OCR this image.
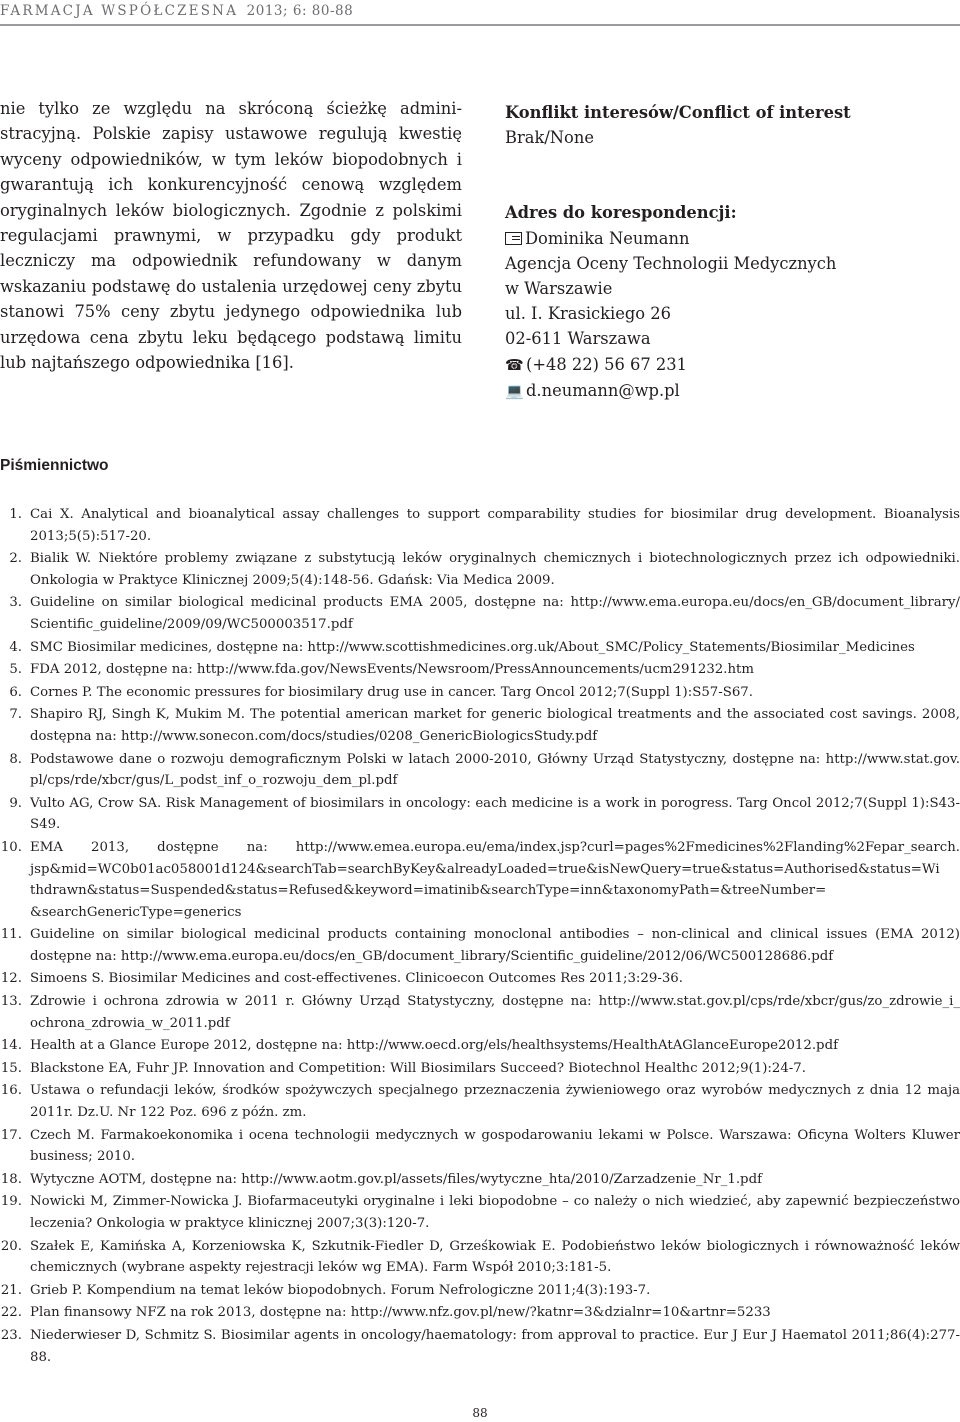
FARMACJA WSPÓŁCZESNA 2013; 6: 80-88

nie tylko ze względu na skróconą ścieżkę admini-stracyjną. Polskie zapisy ustawowe regulują kwestię wyceny odpowiedników, w tym leków biopodobnych i gwarantują ich konkurencyjność cenową względem oryginalnych leków biologicznych. Zgodnie z polskimi regulacjami prawnymi, w przypadku gdy produkt leczniczy ma odpowiednik refundowany w danym wskazaniu podstawę do ustalenia urzędowej ceny zbytu stanowi 75% ceny zbytu jedynego odpowiednika lub urzędowa cena zbytu leku będącego podstawą limitu lub najtańszego odpowiednika [16].

Konflikt interesów/Conflict of interest
Brak/None
Adres do korespondencji:
Dominika Neumann
Agencja Oceny Technologii Medycznych
w Warszawie
ul. I. Krasickiego 26
02-611 Warszawa
☎ (+48 22) 56 67 231
💻 d.neumann@wp.pl
Piśmiennictwo
1. Cai X. Analytical and bioanalytical assay challenges to support comparability studies for biosimilar drug development. Bioanalysis 2013;5(5):517-20.
2. Bialik W. Niektóre problemy związane z substytucją leków oryginalnych chemicznych i biotechnologicznych przez ich odpowiedniki. Onkologia w Praktyce Klinicznej 2009;5(4):148-56. Gdańsk: Via Medica 2009.
3. Guideline on similar biological medicinal products EMA 2005, dostępne na: http://www.ema.europa.eu/docs/en_GB/document_library/ Scientific_guideline/2009/09/WC500003517.pdf
4. SMC Biosimilar medicines, dostępne na: http://www.scottishmedicines.org.uk/About_SMC/Policy_Statements/Biosimilar_Medicines
5. FDA 2012, dostępne na: http://www.fda.gov/NewsEvents/Newsroom/PressAnnouncements/ucm291232.htm
6. Cornes P. The economic pressures for biosimilary drug use in cancer. Targ Oncol 2012;7(Suppl 1):S57-S67.
7. Shapiro RJ, Singh K, Mukim M. The potential american market for generic biological treatments and the associated cost savings. 2008, dostępna na: http://www.sonecon.com/docs/studies/0208_GenericBiologicsStudy.pdf
8. Podstawowe dane o rozwoju demograficznym Polski w latach 2000-2010, Główny Urząd Statystyczny, dostępne na: http://www.stat.gov. pl/cps/rde/xbcr/gus/L_podst_inf_o_rozwoju_dem_pl.pdf
9. Vulto AG, Crow SA. Risk Management of biosimilars in oncology: each medicine is a work in porogress. Targ Oncol 2012;7(Suppl 1):S43-S49.
10. EMA 2013, dostępne na: http://www.emea.europa.eu/ema/index.jsp?curl=pages%2Fmedicines%2Flanding%2Fepar_search. jsp&mid=WC0b01ac058001d124&searchTab=searchByKey&alreadyLoaded=true&isNewQuery=true&status=Authorised&status=Wi thdrawn&status=Suspended&status=Refused&keyword=imatinib&searchType=inn&taxonomyPath=&treeNumber= &searchGenericType=generics
11. Guideline on similar biological medicinal products containing monoclonal antibodies – non-clinical and clinical issues (EMA 2012) dostępne na: http://www.ema.europa.eu/docs/en_GB/document_library/Scientific_guideline/2012/06/WC500128686.pdf
12. Simoens S. Biosimilar Medicines and cost-effectivenes. Clinicoecon Outcomes Res 2011;3:29-36.
13. Zdrowie i ochrona zdrowia w 2011 r. Główny Urząd Statystyczny, dostępne na: http://www.stat.gov.pl/cps/rde/xbcr/gus/zo_zdrowie_i_ ochrona_zdrowia_w_2011.pdf
14. Health at a Glance Europe 2012, dostępne na: http://www.oecd.org/els/healthsystems/HealthAtAGlanceEurope2012.pdf
15. Blackstone EA, Fuhr JP. Innovation and Competition: Will Biosimilars Succeed? Biotechnol Healthc 2012;9(1):24-7.
16. Ustawa o refundacji leków, środków spożywczych specjalnego przeznaczenia żywieniowego oraz wyrobów medycznych z dnia 12 maja 2011r. Dz.U. Nr 122 Poz. 696 z późn. zm.
17. Czech M. Farmakoekonomika i ocena technologii medycznych w gospodarowaniu lekami w Polsce. Warszawa: Oficyna Wolters Kluwer business; 2010.
18. Wytyczne AOTM, dostępne na: http://www.aotm.gov.pl/assets/files/wytyczne_hta/2010/Zarzadzenie_Nr_1.pdf
19. Nowicki M, Zimmer-Nowicka J. Biofarmaceutyki oryginalne i leki biopodobne – co należy o nich wiedzieć, aby zapewnić bezpieczeństwo leczenia? Onkologia w praktyce klinicznej 2007;3(3):120-7.
20. Szałek E, Kamińska A, Korzeniowska K, Szkutnik-Fiedler D, Grześkowiak E. Podobieństwo leków biologicznych i równoważność leków chemicznych (wybrane aspekty rejestracji leków wg EMA). Farm Współ 2010;3:181-5.
21. Grieb P. Kompendium na temat leków biopodobnych. Forum Nefrologiczne 2011;4(3):193-7.
22. Plan finansowy NFZ na rok 2013, dostępne na: http://www.nfz.gov.pl/new/?katnr=3&dzialnr=10&artnr=5233
23. Niederwieser D, Schmitz S. Biosimilar agents in oncology/haematology: from approval to practice. Eur J Eur J Haematol 2011;86(4):277-88.
88
